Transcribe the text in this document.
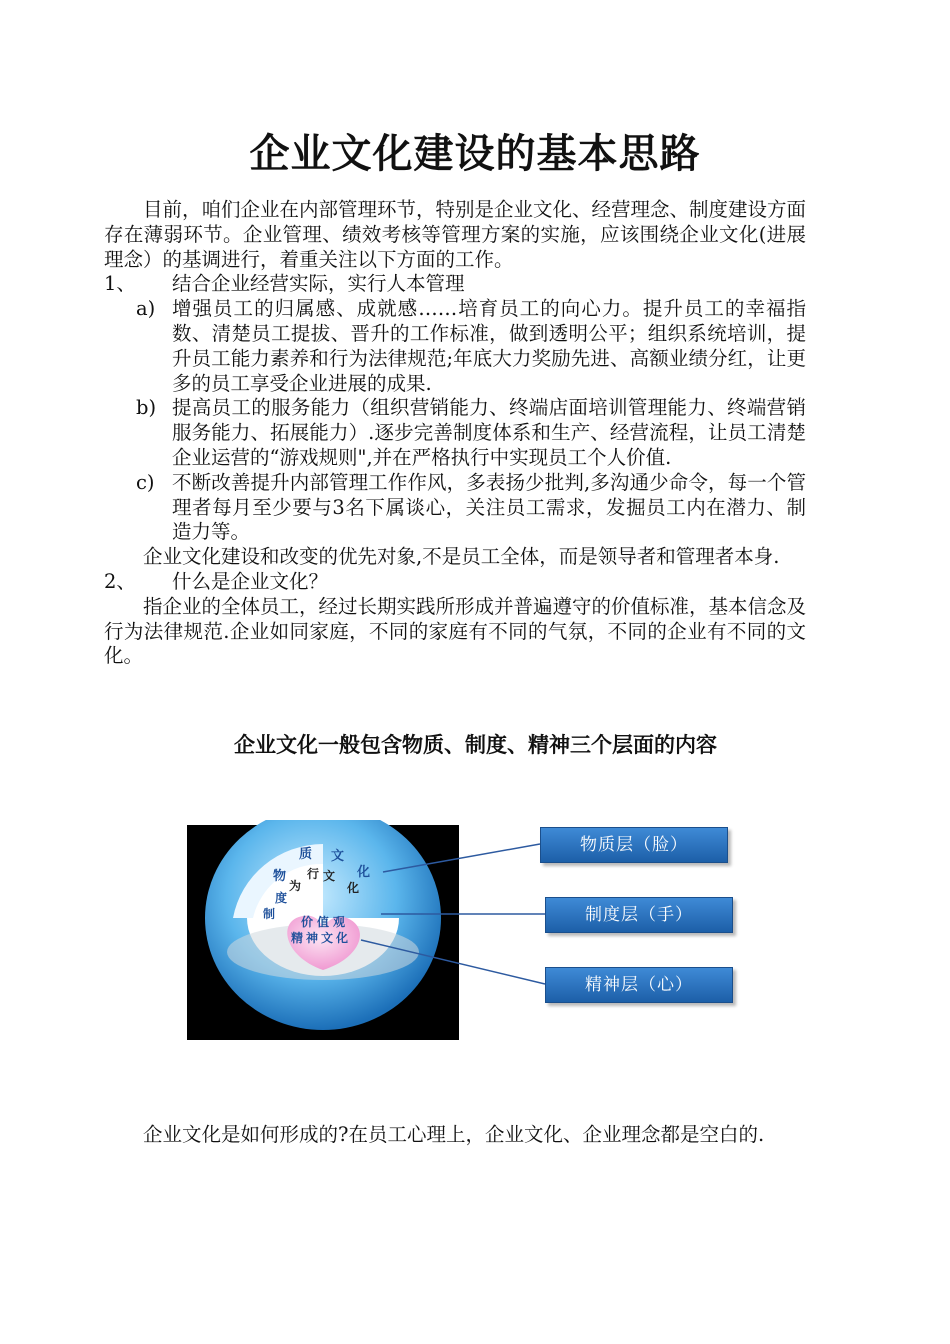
企业文化建设的基本思路

目前，咱们企业在内部管理环节，特别是企业文化、经营理念、制度建设方面存在薄弱环节。企业管理、绩效考核等管理方案的实施，应该围绕企业文化(进展理念）的基调进行，着重关注以下方面的工作。

1、 结合企业经营实际，实行人本管理

a) 增强员工的归属感、成就感……培育员工的向心力。提升员工的幸福指数、清楚员工提拔、晋升的工作标准，做到透明公平；组织系统培训，提升员工能力素养和行为法律规范;年底大力奖励先进、高额业绩分红，让更多的员工享受企业进展的成果.

b) 提高员工的服务能力（组织营销能力、终端店面培训管理能力、终端营销服务能力、拓展能力）.逐步完善制度体系和生产、经营流程，让员工清楚企业运营的“游戏规则",并在严格执行中实现员工个人价值.

c) 不断改善提升内部管理工作作风，多表扬少批判,多沟通少命令，每一个管理者每月至少要与3名下属谈心，关注员工需求，发掘员工内在潜力、制造力等。

企业文化建设和改变的优先对象,不是员工全体，而是领导者和管理者本身.

2、 什么是企业文化？

指企业的全体员工，经过长期实践所形成并普遍遵守的价值标准，基本信念及行为法律规范.企业如同家庭，不同的家庭有不同的气氛，不同的企业有不同的文化。

企业文化一般包含物质、制度、精神三个层面的内容
质
物
文
化
行
为
文
化
度
制
价值观
精神文化
物质层（脸）
制度层（手）
精神层（心）

企业文化是如何形成的?在员工心理上，企业文化、企业理念都是空白的.
